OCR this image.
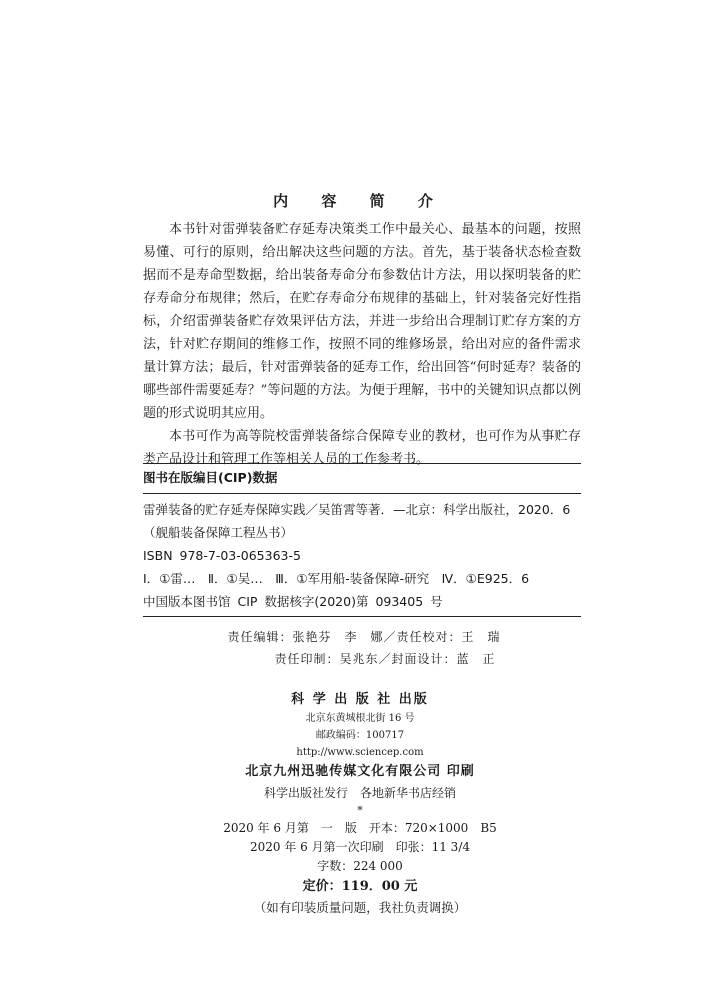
内 容 简 介

本书针对雷弹装备贮存延寿决策类工作中最关心、最基本的问题，按照易懂、可行的原则，给出解决这些问题的方法。首先，基于装备状态检查数据而不是寿命型数据，给出装备寿命分布参数估计方法，用以探明装备的贮存寿命分布规律；然后，在贮存寿命分布规律的基础上，针对装备完好性指标，介绍雷弹装备贮存效果评估方法，并进一步给出合理制订贮存方案的方法，针对贮存期间的维修工作，按照不同的维修场景，给出对应的备件需求量计算方法；最后，针对雷弹装备的延寿工作，给出回答“何时延寿？装备的哪些部件需要延寿？”等问题的方法。为便于理解，书中的关键知识点都以例题的形式说明其应用。

本书可作为高等院校雷弹装备综合保障专业的教材，也可作为从事贮存类产品设计和管理工作等相关人员的工作参考书。

图书在版编目(CIP)数据
雷弹装备的贮存延寿保障实践／吴笛霄等著．—北京：科学出版社，2020．6
（舰船装备保障工程丛书）
ISBN 978-7-03-065363-5
Ⅰ．①雷…　Ⅱ．①吴…　Ⅲ．①军用船-装备保障-研究　Ⅳ．①E925．6
中国版本图书馆 CIP 数据核字(2020)第 093405 号
责任编辑：张艳芬　李　娜／责任校对：王　瑞
责任印制：吴兆东／封面设计：蓝　正
科 学 出 版 社 出版
北京东黄城根北街 16 号
邮政编码：100717
http://www.sciencep.com
北京九州迅驰传媒文化有限公司 印刷
科学出版社发行　各地新华书店经销
*
2020 年 6 月第　一　版　开本：720×1000　B5
2020 年 6 月第一次印刷　印张：11 3/4
字数：224 000
定价：119．00 元
（如有印装质量问题，我社负责调换）
